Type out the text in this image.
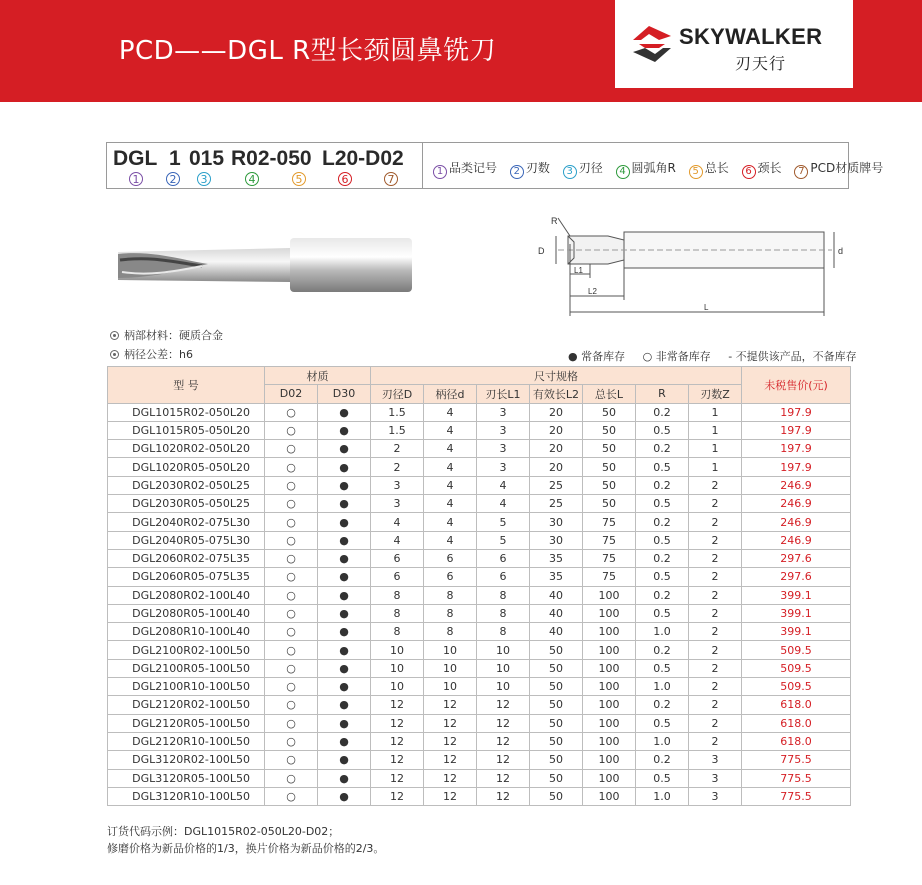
PCD——DGL R型长颈圆鼻铣刀	SKYWALKER
刃天行
DGL 1 015 R02-050 L20-D02
1	2	3	4	5	6	7
1 品类记号 2 刃数 3 刃径 4 圆弧角R 5 总长 6 颈长 7 PCD材质牌号
R
D	d
L1
L2
L
柄部材料：硬质合金
柄径公差：h6	● 常备库存 ○ 非常备库存 - 不提供该产品，不备库存
型 号	材质		尺寸规格							未税售价(元)
	D02	D30	刃径D	柄径d	刃长L1	有效长L2	总长L	R	刃数Z	
DGL1015R02-050L20	○	●	1.5	4	3	20	50	0.2	1	197.9
DGL1015R05-050L20	○	●	1.5	4	3	20	50	0.5	1	197.9
DGL1020R02-050L20	○	●	2	4	3	20	50	0.2	1	197.9
DGL1020R05-050L20	○	●	2	4	3	20	50	0.5	1	197.9
DGL2030R02-050L25	○	●	3	4	4	25	50	0.2	2	246.9
DGL2030R05-050L25	○	●	3	4	4	25	50	0.5	2	246.9
DGL2040R02-075L30	○	●	4	4	5	30	75	0.2	2	246.9
DGL2040R05-075L30	○	●	4	4	5	30	75	0.5	2	246.9
DGL2060R02-075L35	○	●	6	6	6	35	75	0.2	2	297.6
DGL2060R05-075L35	○	●	6	6	6	35	75	0.5	2	297.6
DGL2080R02-100L40	○	●	8	8	8	40	100	0.2	2	399.1
DGL2080R05-100L40	○	●	8	8	8	40	100	0.5	2	399.1
DGL2080R10-100L40	○	●	8	8	8	40	100	1.0	2	399.1
DGL2100R02-100L50	○	●	10	10	10	50	100	0.2	2	509.5
DGL2100R05-100L50	○	●	10	10	10	50	100	0.5	2	509.5
DGL2100R10-100L50	○	●	10	10	10	50	100	1.0	2	509.5
DGL2120R02-100L50	○	●	12	12	12	50	100	0.2	2	618.0
DGL2120R05-100L50	○	●	12	12	12	50	100	0.5	2	618.0
DGL2120R10-100L50	○	●	12	12	12	50	100	1.0	2	618.0
DGL3120R02-100L50	○	●	12	12	12	50	100	0.2	3	775.5
DGL3120R05-100L50	○	●	12	12	12	50	100	0.5	3	775.5
DGL3120R10-100L50	○	●	12	12	12	50	100	1.0	3	775.5
订货代码示例：DGL1015R02-050L20-D02；
修磨价格为新品价格的1/3，换片价格为新品价格的2/3。
